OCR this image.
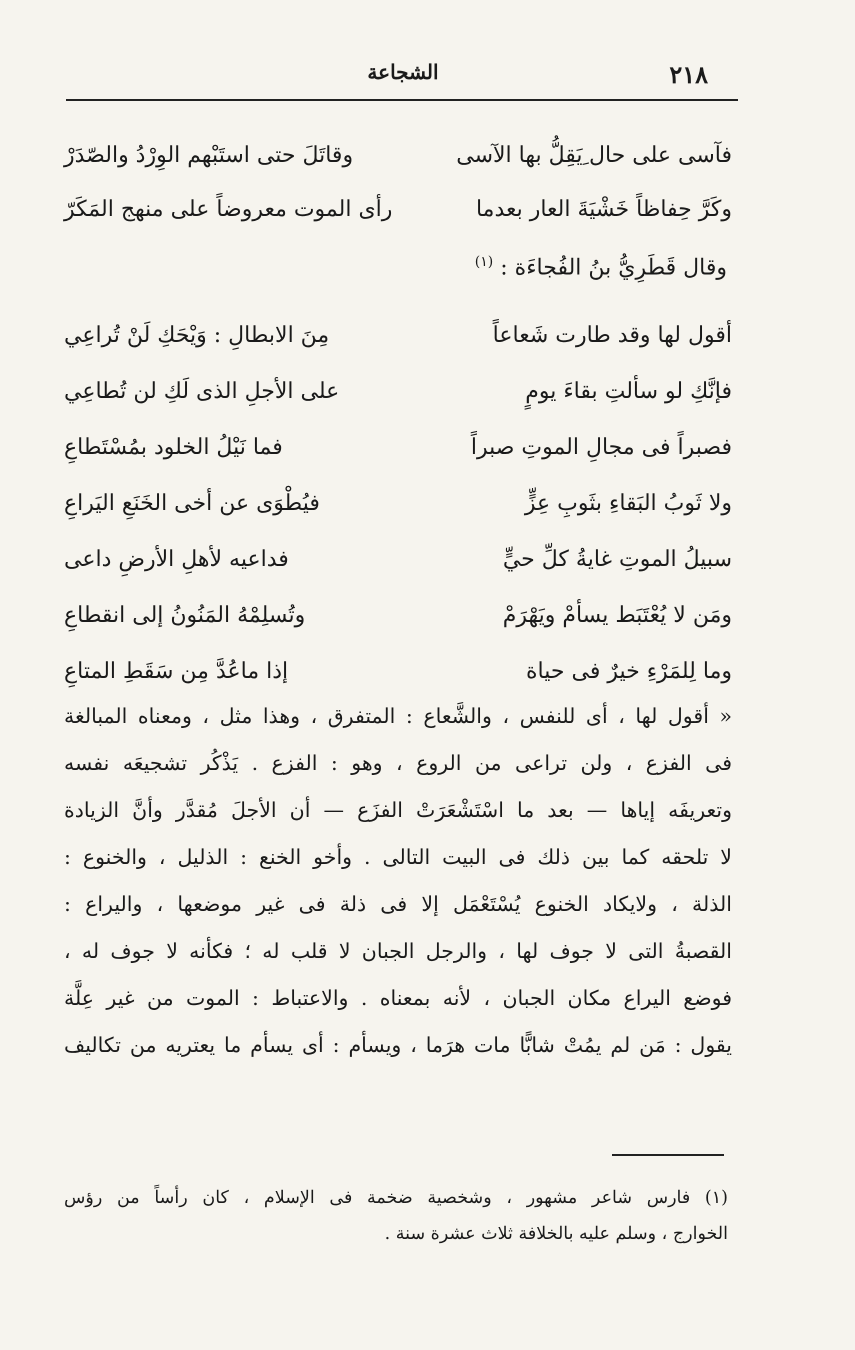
٢١٨
الشجاعة
فآسى على حال ِيَقِلُّ بها الآسى
وقاتَلَ حتى استَبْهم الوِرْدُ والصّدَرْ
وكَرَّ حِفاظاً خَشْيَةَ العار بعدما
رأى الموت معروضاً على منهج المَكَرّ
وقال قَطَرِيُّ بنُ الفُجاءَة : $^{(١)}$
أقول لها وقد طارت شَعاعاً
مِنَ الابطالِ : وَيْحَكِ لَنْ تُراعِي
فإنَّكِ لو سألتِ بقاءَ يومٍ
على الأجلِ الذى لَكِ لن تُطاعِي
فصبراً فى مجالِ الموتِ صبراً
فما نَيْلُ الخلود بمُسْتَطاعِ
ولا ثَوبُ البَقاءِ بثَوبِ عِزٍّ
فيُطْوَى عن أخى الخَنَعِ اليَراعِ
سبيلُ الموتِ غايةُ كلِّ حيٍّ
فداعيه لأهلِ الأرضِ داعى
ومَن لا يُعْتَبَط يسأمْ ويَهْرَمْ
وتُسلِمْهُ المَنُونُ إلى انقطاعِ
وما لِلمَرْءِ خيرٌ فى حياة
إذا ماعُدَّ مِن سَقَطِ المتاعِ
« أقول لها ، أى للنفس ، والشَّعاع : المتفرق ، وهذا مثل ، ومعناه المبالغة
فى الفزع ، ولن تراعى من الروع ، وهو : الفزع . يَذْكُر تشجيعَه نفسه
وتعريفَه إياها — بعد ما اسْتَشْعَرَتْ الفزَع — أن الأجلَ مُقدَّر وأنَّ الزيادة
لا تلحقه كما بين ذلك فى البيت التالى . وأخو الخنع : الذليل ، والخنوع :
الذلة ، ولايكاد الخنوع يُسْتَعْمَل إلا فى ذلة فى غير موضعها ، واليراع :
القصبةُ التى لا جوف لها ، والرجل الجبان لا قلب له ؛ فكأنه لا جوف له ،
فوضع اليراع مكان الجبان ، لأنه بمعناه . والاعتباط : الموت من غير عِلَّة
يقول : مَن لم يمُتْ شابًّا مات هرَما ، ويسأم : أى يسأم ما يعتريه من تكاليف
(١) فارس شاعر مشهور ، وشخصية ضخمة فى الإسلام ، كان رأساً من رؤس
الخوارج ، وسلم عليه بالخلافة ثلاث عشرة سنة .
